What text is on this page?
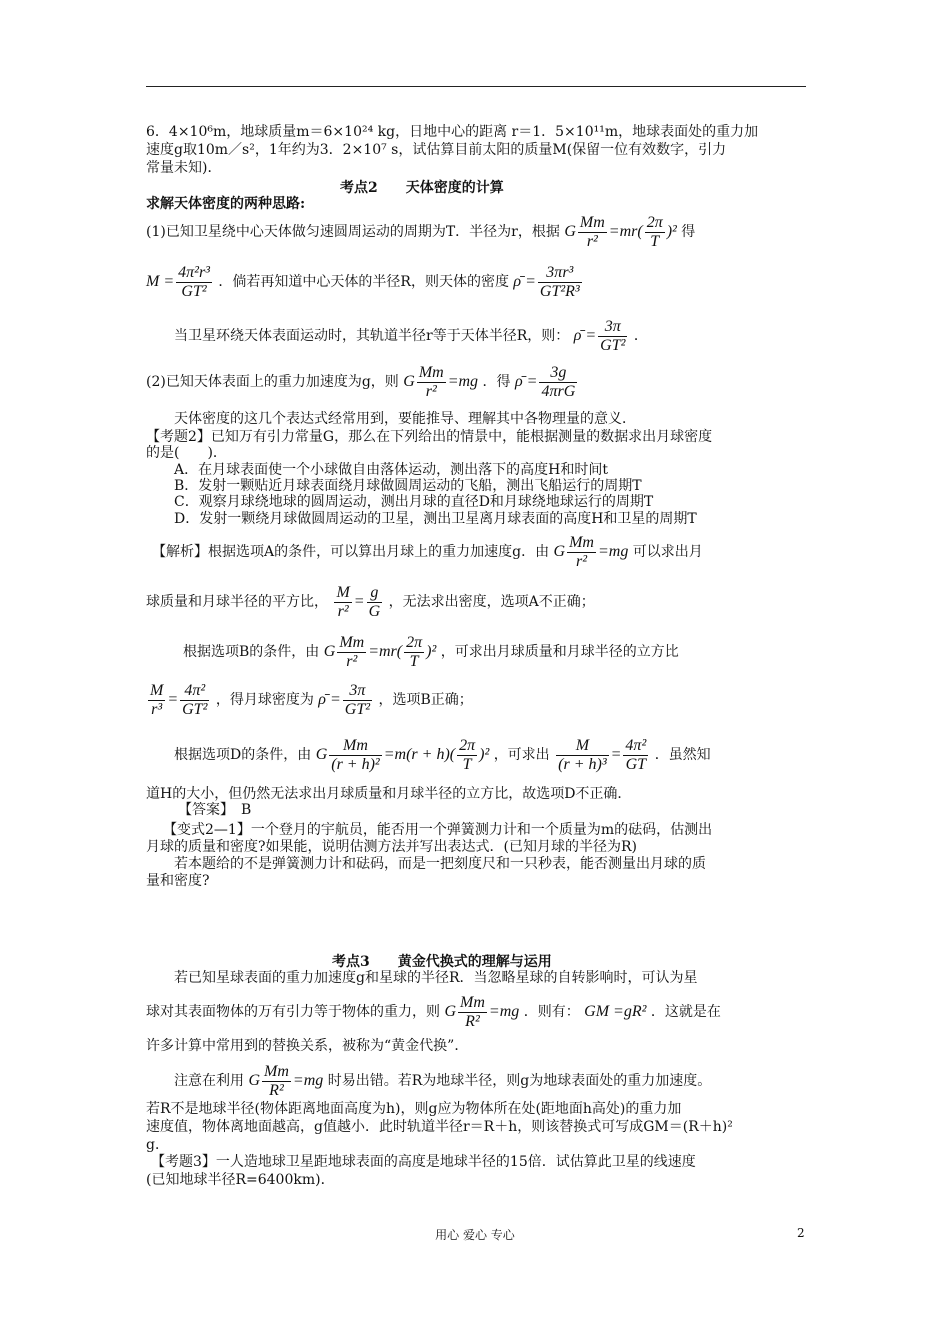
6．4×10⁶m，地球质量m＝6×10²⁴ kg，日地中心的距离 r＝1．5×10¹¹m，地球表面处的重力加
速度g取10m／s²，1年约为3．2×10⁷ s，试估算目前太阳的质量M(保留一位有效数字，引力
常量未知)．
考点2　　天体密度的计算
求解天体密度的两种思路:
(1)已知卫星绕中心天体做匀速圆周运动的周期为T．半径为r，根据 G $\frac{Mm}{\text{r²}} =mr( \frac{2\pi}{T} )^2$ 得
$M = \frac{\text{4π²r³}}{\text{GT²}}$ ．倘若再知道中心天体的半径R，则天体的密度 ρ̄ = $\frac{\text{3πr³}}{\text{GT²R³}}$
当卫星环绕天体表面运动时，其轨道半径r等于天体半径R，则： ρ̄ = $\frac{3\pi}{\text{GT²}}$ ．
(2)已知天体表面上的重力加速度为g，则 G $\frac{Mm}{\text{r²}} =mg$ ．得 ρ̄ =
3g
4πrG
天体密度的这几个表达式经常用到，要能推导、理解其中各物理量的意义．
【考题2】已知万有引力常量G，那么在下列给出的情景中，能根据测量的数据求出月球密度
的是(　　)．
A．在月球表面使一个小球做自由落体运动，测出落下的高度H和时间t
B．发射一颗贴近月球表面绕月球做圆周运动的飞船，测出飞船运行的周期T
C．观察月球绕地球的圆周运动，测出月球的直径D和月球绕地球运行的周期T
D．发射一颗绕月球做圆周运动的卫星，测出卫星离月球表面的高度H和卫星的周期T
【解析】根据选项A的条件，可以算出月球上的重力加速度g．由 G $\frac{Mm}{\text{r²}} =mg$ 可以求出月
球质量和月球半径的平方比， $\frac{M}{\text{r²}} = \frac{g}{G}$ ，无法求出密度，选项A不正确；
根据选项B的条件，由 G $\frac{Mm}{\text{r²}} =mr( \frac{2\pi}{T} )^2$ ，可求出月球质量和月球半径的立方比
$\frac{M}{\text{r³}} = \frac{\text{4π²}}{\text{GT²}}$ ，得月球密度为 ρ̄ = $\frac{3\pi}{\text{GT²}}$ ，选项B正确；
根据选项D的条件，由 G $\frac{Mm}{\text{(r + h)²}} =m(r + h)( \frac{2\pi}{T} )^2$ ，可求出 $\frac{M}{\text{(r + h)³}} = \frac{\text{4π²}}{GT}$ ．虽然知
道H的大小，但仍然无法求出月球质量和月球半径的立方比，故选项D不正确．
【答案】　B
【变式2—1】一个登月的宇航员，能否用一个弹簧测力计和一个质量为m的砝码，估测出
月球的质量和密度?如果能，说明估测方法并写出表达式．(已知月球的半径为R)
若本题给的不是弹簧测力计和砝码，而是一把刻度尺和一只秒表，能否测量出月球的质
量和密度?
考点3　　黄金代换式的理解与运用
若已知星球表面的重力加速度g和星球的半径R．当忽略星球的自转影响时，可认为星
球对其表面物体的万有引力等于物体的重力，则 G $\frac{Mm}{\text{R²}} =mg$ ．则有： GM =gR² ．这就是在
许多计算中常用到的替换关系，被称为“黄金代换”．
注意在利用 G $\frac{Mm}{\text{R²}} =mg$ 时易出错。若R为地球半径，则g为地球表面处的重力加速度。
若R不是地球半径(物体距离地面高度为h)，则g应为物体所在处(距地面h高处)的重力加
速度值，物体离地面越高，g值越小．此时轨道半径r＝R＋h，则该替换式可写成GM＝(R＋h)²
g．
【考题3】一人造地球卫星距地球表面的高度是地球半径的15倍．试估算此卫星的线速度
(已知地球半径R=6400km)．
用心 爱心 专心	2
